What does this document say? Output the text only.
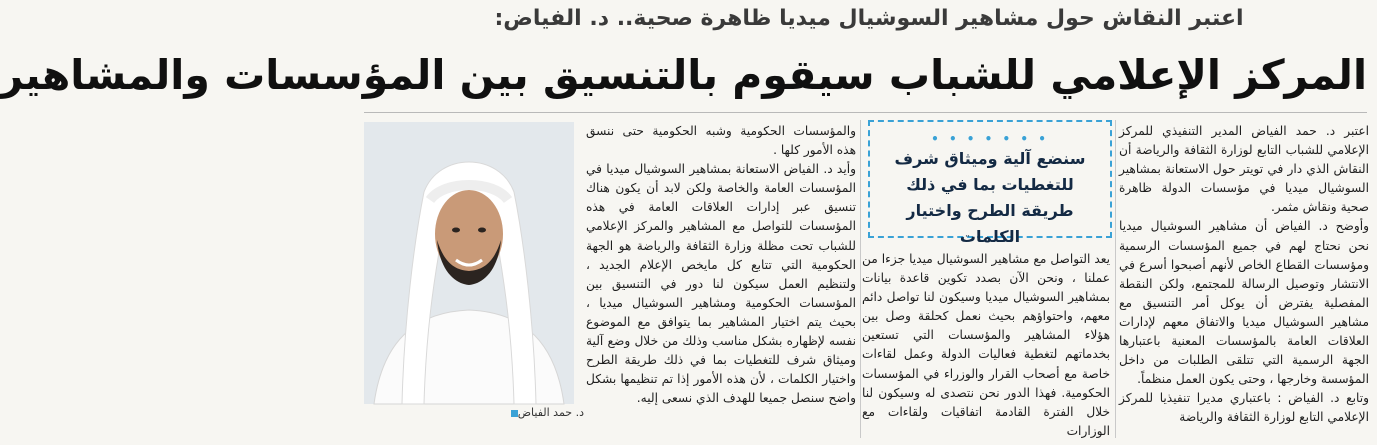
اعتبر النقاش حول مشاهير السوشيال ميديا ظاهرة صحية.. د. الفياض:
المركز الإعلامي للشباب سيقوم بالتنسيق بين المؤسسات والمشاهير

اعتبر د. حمد الفياض المدير التنفيذي للمركز الإعلامي للشباب التابع لوزارة الثقافة والرياضة أن النقاش الذي دار في تويتر حول الاستعانة بمشاهير السوشيال ميديا في مؤسسات الدولة ظاهرة صحية ونقاش مثمر.

وأوضح د. الفياض أن مشاهير السوشيال ميديا نحن نحتاج لهم في جميع المؤسسات الرسمية ومؤسسات القطاع الخاص لأنهم أصبحوا أسرع في الانتشار وتوصيل الرسالة للمجتمع، ولكن النقطة المفصلية يفترض أن يوكل أمر التنسيق مع مشاهير السوشيال ميديا والاتفاق معهم لإدارات العلاقات العامة بالمؤسسات المعنية باعتبارها الجهة الرسمية التي تتلقى الطلبات من داخل المؤسسة وخارجها ، وحتى يكون العمل منظماً.

وتابع د. الفياض : باعتباري مديرا تنفيذيا للمركز الإعلامي التابع لوزارة الثقافة والرياضة

• • • • • • •
سنضع آلية وميثاق شرف للتغطيات بما في ذلك طريقة الطرح واختيار الكلمات

يعد التواصل مع مشاهير السوشيال ميديا جزءا من عملنا ، ونحن الآن بصدد تكوين قاعدة بيانات بمشاهير السوشيال ميديا وسيكون لنا تواصل دائم معهم، واحتواؤهم بحيث نعمل كحلقة وصل بين هؤلاء المشاهير والمؤسسات التي تستعين بخدماتهم لتغطية فعاليات الدولة وعمل لقاءات خاصة مع أصحاب القرار والوزراء في المؤسسات الحكومية. فهذا الدور نحن نتصدى له وسيكون لنا خلال الفترة القادمة اتفاقيات ولقاءات مع الوزارات

والمؤسسات الحكومية وشبه الحكومية حتى ننسق هذه الأمور كلها .

وأيد د. الفياض الاستعانة بمشاهير السوشيال ميديا في المؤسسات العامة والخاصة ولكن لابد أن يكون هناك تنسيق عبر إدارات العلاقات العامة في هذه المؤسسات للتواصل مع المشاهير والمركز الإعلامي للشباب تحت مظلة وزارة الثقافة والرياضة هو الجهة الحكومية التي تتابع كل مايخص الإعلام الجديد ، ولتنظيم العمل سيكون لنا دور في التنسيق بين المؤسسات الحكومية ومشاهير السوشيال ميديا ، بحيث يتم اختيار المشاهير بما يتوافق مع الموضوع نفسه لإظهاره بشكل مناسب وذلك من خلال وضع آلية وميثاق شرف للتغطيات بما في ذلك طريقة الطرح واختيار الكلمات ، لأن هذه الأمور إذا تم تنظيمها بشكل واضح سنصل جميعا للهدف الذي نسعى إليه.

د. حمد الفياض
